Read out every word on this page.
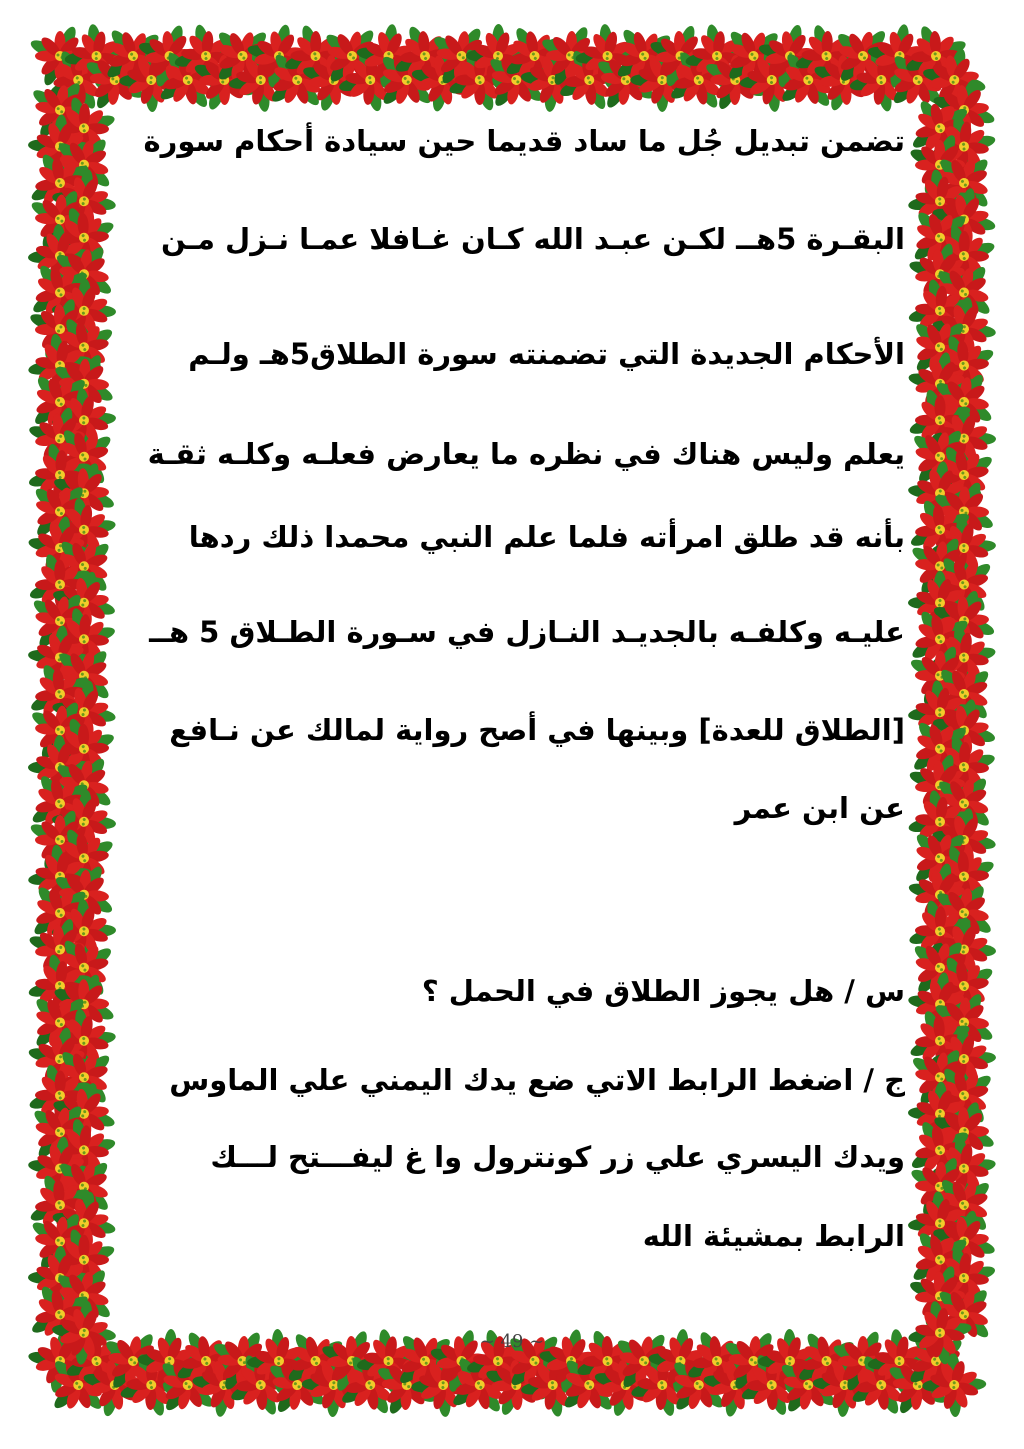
تضمن تبديل جُل ما ساد قديما حين سيادة أحكام سورة
البقـرة 5هــ لكـن عبـد الله كـان غـافلا عمـا نـزل مـن
الأحكام الجديدة التي تضمنته سورة الطلاق5هـ ولـم
يعلم وليس هناك في نظره ما يعارض فعلـه وكلـه ثقـة
بأنه قد طلق امرأته فلما علم النبي محمدا ذلك ردها
عليـه وكلفـه بالجديـد النـازل في سـورة الطـلاق 5 هــ
[الطلاق للعدة] وبينها في أصح رواية لمالك عن نـافع
عن ابن عمر
س / هل يجوز الطلاق في الحمل ؟
ج / اضغط الرابط الاتي ضع يدك اليمني علي الماوس
ويدك اليسري علي زر كونترول وا غ ليفـــتح لـــك
الرابط بمشيئة الله
~ 49 ~
